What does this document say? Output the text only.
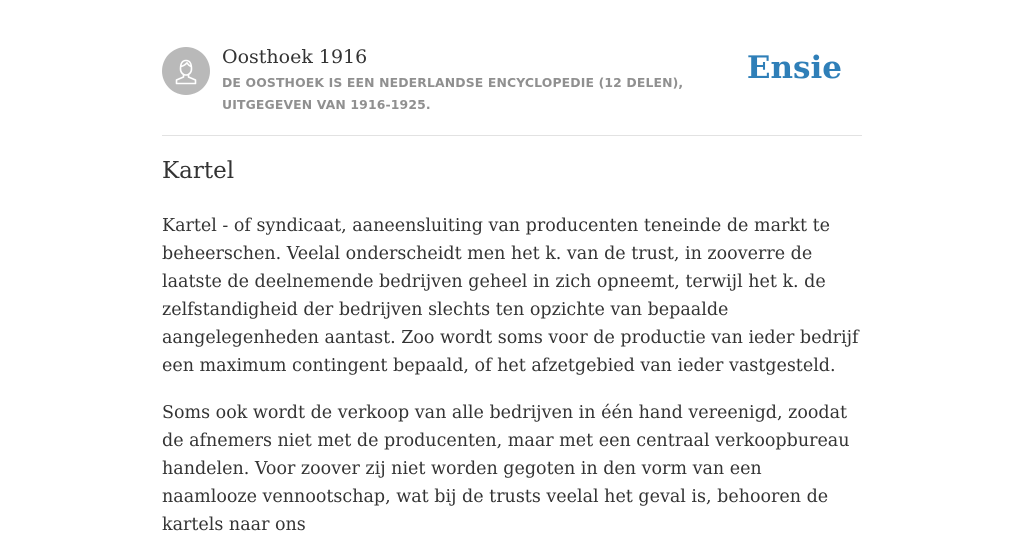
Oosthoek 1916
DE OOSTHOEK IS EEN NEDERLANDSE ENCYCLOPEDIE (12 DELEN), UITGEGEVEN VAN 1916-1925.
Ensie
Kartel

Kartel - of syndicaat, aaneensluiting van producenten teneinde de markt te beheerschen. Veelal onderscheidt men het k. van de trust, in zooverre de laatste de deelnemende bedrijven geheel in zich opneemt, terwijl het k. de zelfstandigheid der bedrijven slechts ten opzichte van bepaalde aangelegenheden aantast. Zoo wordt soms voor de productie van ieder bedrijf een maximum contingent bepaald, of het afzetgebied van ieder vastgesteld.

Soms ook wordt de verkoop van alle bedrijven in één hand vereenigd, zoodat de afnemers niet met de producenten, maar met een centraal verkoopbureau handelen. Voor zoover zij niet worden gegoten in den vorm van een naamlooze vennootschap, wat bij de trusts veelal het geval is, behooren de kartels naar ons
